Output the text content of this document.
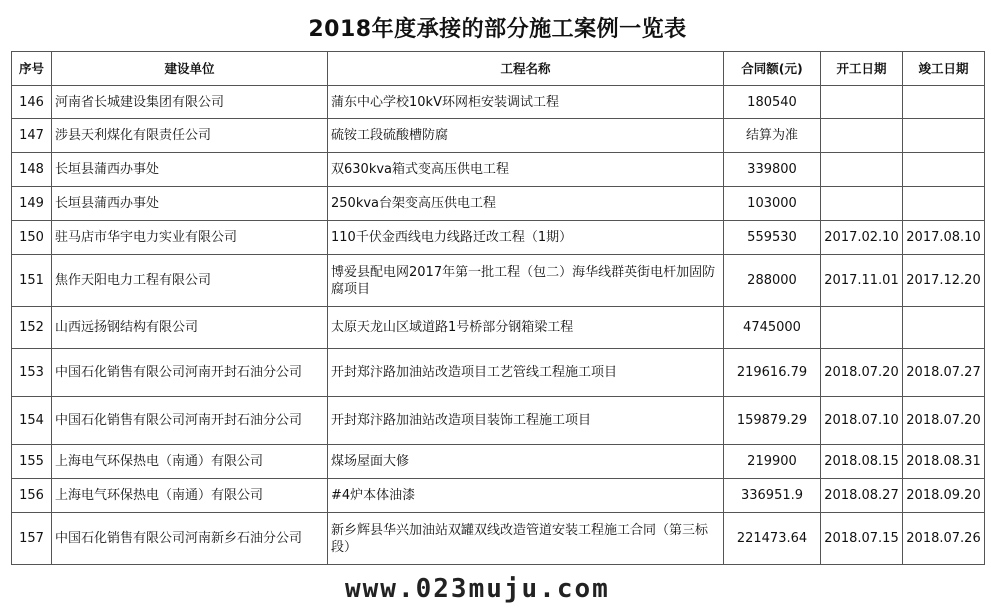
2018年度承接的部分施工案例一览表
序号	建设单位	工程名称	合同额(元)	开工日期	竣工日期
146	河南省长城建设集团有限公司	蒲东中心学校10kV环网柜安装调试工程	180540		
147	涉县天利煤化有限责任公司	硫铵工段硫酸槽防腐	结算为准		
148	长垣县蒲西办事处	双630kva箱式变高压供电工程	339800		
149	长垣县蒲西办事处	250kva台架变高压供电工程	103000		
150	驻马店市华宇电力实业有限公司	110千伏金西线电力线路迁改工程（1期）	559530	2017.02.10	2017.08.10
151	焦作天阳电力工程有限公司	博爱县配电网2017年第一批工程（包二）海华线群英街电杆加固防腐项目	288000	2017.11.01	2017.12.20
152	山西远扬钢结构有限公司	太原天龙山区域道路1号桥部分钢箱梁工程	4745000		
153	中国石化销售有限公司河南开封石油分公司	开封郑汴路加油站改造项目工艺管线工程施工项目	219616.79	2018.07.20	2018.07.27
154	中国石化销售有限公司河南开封石油分公司	开封郑汴路加油站改造项目装饰工程施工项目	159879.29	2018.07.10	2018.07.20
155	上海电气环保热电（南通）有限公司	煤场屋面大修	219900	2018.08.15	2018.08.31
156	上海电气环保热电（南通）有限公司	#4炉本体油漆	336951.9	2018.08.27	2018.09.20
157	中国石化销售有限公司河南新乡石油分公司	新乡辉县华兴加油站双罐双线改造管道安装工程施工合同（第三标段）	221473.64	2018.07.15	2018.07.26
www.023muju.com
